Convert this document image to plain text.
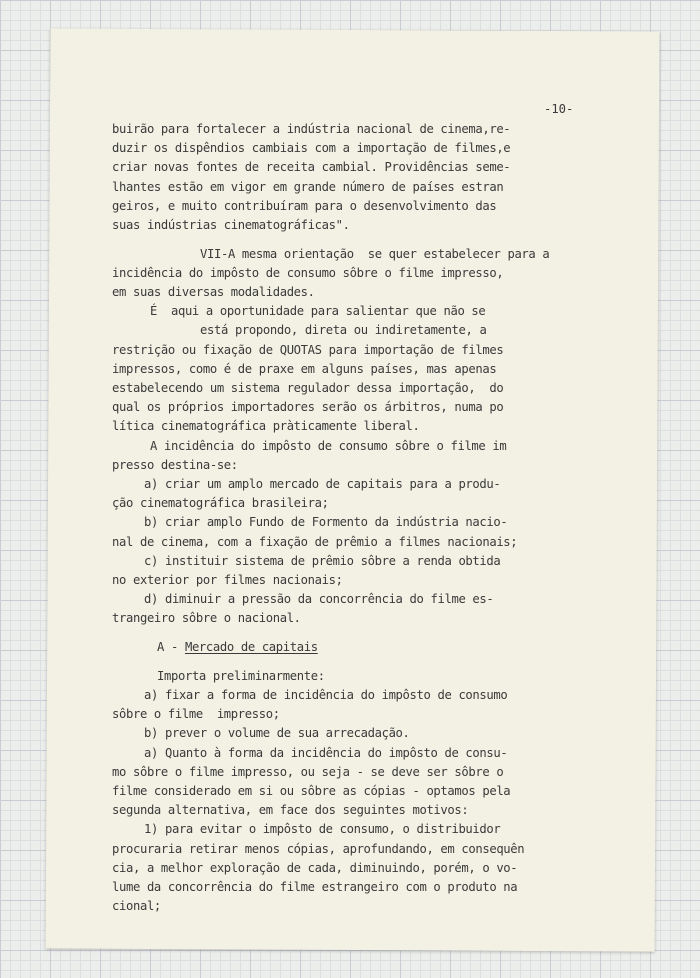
-10-
buirão para fortalecer a indústria nacional de cinema,re-
duzir os dispêndios cambiais com a importação de filmes,e
criar novas fontes de receita cambial. Providências seme-
lhantes estão em vigor em grande número de países estran
geiros, e muito contribuíram para o desenvolvimento das
suas indústrias cinematográficas".
VII-A mesma orientação  se quer estabelecer para a
incidência do impôsto de consumo sôbre o filme impresso,
em suas diversas modalidades.
É  aqui a oportunidade para salientar que não se
está propondo, direta ou indiretamente, a
restrição ou fixação de QUOTAS para importação de filmes
impressos, como é de praxe em alguns países, mas apenas
estabelecendo um sistema regulador dessa importação,  do
qual os próprios importadores serão os árbitros, numa po
lítica cinematográfica pràticamente liberal.
A incidência do impôsto de consumo sôbre o filme im
presso destina-se:
a) criar um amplo mercado de capitais para a produ-
ção cinematográfica brasileira;
b) criar amplo Fundo de Formento da indústria nacio-
nal de cinema, com a fixação de prêmio a filmes nacionais;
c) instituir sistema de prêmio sôbre a renda obtida
no exterior por filmes nacionais;
d) diminuir a pressão da concorrência do filme es-
trangeiro sôbre o nacional.
A - Mercado de capitais
Importa preliminarmente:
a) fixar a forma de incidência do impôsto de consumo
sôbre o filme  impresso;
b) prever o volume de sua arrecadação.
a) Quanto à forma da incidência do impôsto de consu-
mo sôbre o filme impresso, ou seja - se deve ser sôbre o
filme considerado em si ou sôbre as cópias - optamos pela
segunda alternativa, em face dos seguintes motivos:
1) para evitar o impôsto de consumo, o distribuidor
procuraria retirar menos cópias, aprofundando, em consequên
cia, a melhor exploração de cada, diminuindo, porém, o vo-
lume da concorrência do filme estrangeiro com o produto na
cional;
